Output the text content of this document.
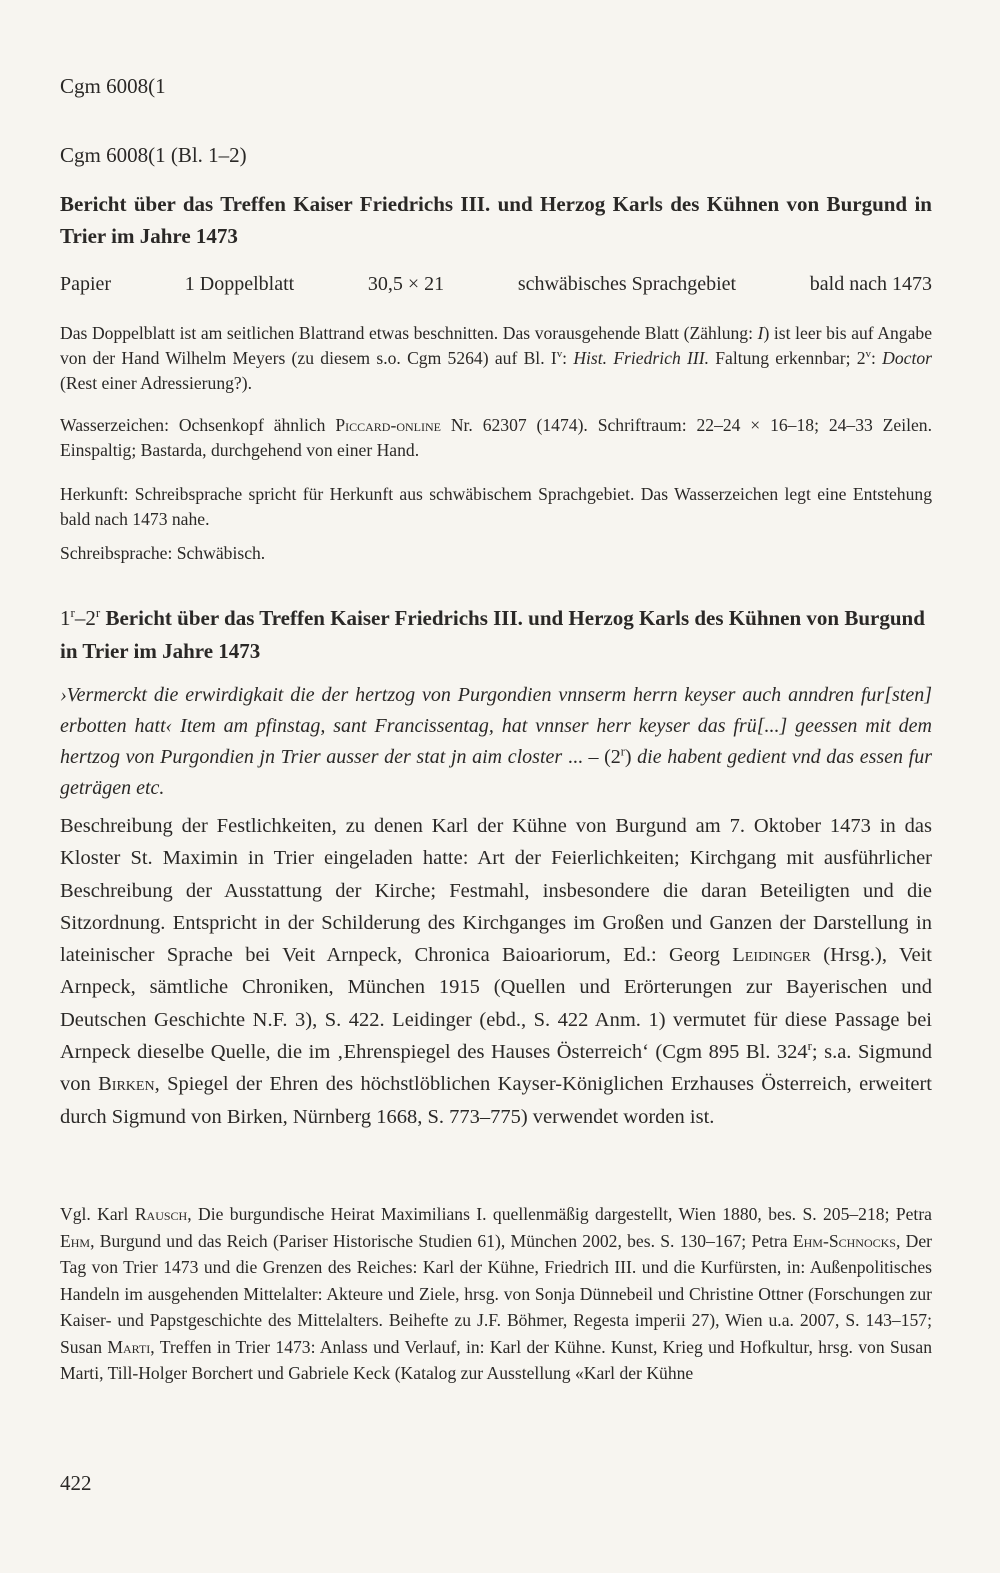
Cgm 6008(1
Cgm 6008(1 (Bl. 1–2)
Bericht über das Treffen Kaiser Friedrichs III. und Herzog Karls des Kühnen von Burgund in Trier im Jahre 1473
Papier	1 Doppelblatt	30,5 × 21	schwäbisches Sprachgebiet	bald nach 1473
Das Doppelblatt ist am seitlichen Blattrand etwas beschnitten. Das vorausgehende Blatt (Zählung: I) ist leer bis auf Angabe von der Hand Wilhelm Meyers (zu diesem s.o. Cgm 5264) auf Bl. $I^v$: Hist. Friedrich III. Faltung erkennbar; 2$^v$: Doctor (Rest einer Adressierung?).
Wasserzeichen: Ochsenkopf ähnlich Piccard-online Nr. 62307 (1474). Schriftraum: 22–24 × 16–18; 24–33 Zeilen. Einspaltig; Bastarda, durchgehend von einer Hand.
Herkunft: Schreibsprache spricht für Herkunft aus schwäbischem Sprachgebiet. Das Wasserzeichen legt eine Entstehung bald nach 1473 nahe.
Schreibsprache: Schwäbisch.
1$^r$–2$^r$ Bericht über das Treffen Kaiser Friedrichs III. und Herzog Karls des Kühnen von Burgund in Trier im Jahre 1473
›Vermerckt die erwirdigkait die der hertzog von Purgondien vnnserm herrn keyser auch anndren fur[sten] erbotten hatt‹ Item am pfinstag, sant Francissentag, hat vnnser herr keyser das frü[...] geessen mit dem hertzog von Purgondien jn Trier ausser der stat jn aim closter ... – (2$^r$) die habent gedient vnd das essen fur geträgen etc.
Beschreibung der Festlichkeiten, zu denen Karl der Kühne von Burgund am 7. Oktober 1473 in das Kloster St. Maximin in Trier eingeladen hatte: Art der Feierlichkeiten; Kirchgang mit ausführlicher Beschreibung der Ausstattung der Kirche; Festmahl, insbesondere die daran Beteiligten und die Sitzordnung. Entspricht in der Schilderung des Kirchganges im Großen und Ganzen der Darstellung in lateinischer Sprache bei Veit Arnpeck, Chronica Baioariorum, Ed.: Georg Leidinger (Hrsg.), Veit Arnpeck, sämtliche Chroniken, München 1915 (Quellen und Erörterungen zur Bayerischen und Deutschen Geschichte N.F. 3), S. 422. Leidinger (ebd., S. 422 Anm. 1) vermutet für diese Passage bei Arnpeck dieselbe Quelle, die im ‚Ehrenspiegel des Hauses Österreich‘ (Cgm 895 Bl. 324$^r$; s.a. Sigmund von Birken, Spiegel der Ehren des höchstlöblichen Kayser-Königlichen Erzhauses Österreich, erweitert durch Sigmund von Birken, Nürnberg 1668, S. 773–775) verwendet worden ist.
Vgl. Karl Rausch, Die burgundische Heirat Maximilians I. quellenmäßig dargestellt, Wien 1880, bes. S. 205–218; Petra Ehm, Burgund und das Reich (Pariser Historische Studien 61), München 2002, bes. S. 130–167; Petra Ehm-Schnocks, Der Tag von Trier 1473 und die Grenzen des Reiches: Karl der Kühne, Friedrich III. und die Kurfürsten, in: Außenpolitisches Handeln im ausgehenden Mittelalter: Akteure und Ziele, hrsg. von Sonja Dünnebeil und Christine Ottner (Forschungen zur Kaiser- und Papstgeschichte des Mittelalters. Beihefte zu J.F. Böhmer, Regesta imperii 27), Wien u.a. 2007, S. 143–157; Susan Marti, Treffen in Trier 1473: Anlass und Verlauf, in: Karl der Kühne. Kunst, Krieg und Hofkultur, hrsg. von Susan Marti, Till-Holger Borchert und Gabriele Keck (Katalog zur Ausstellung «Karl der Kühne
422
